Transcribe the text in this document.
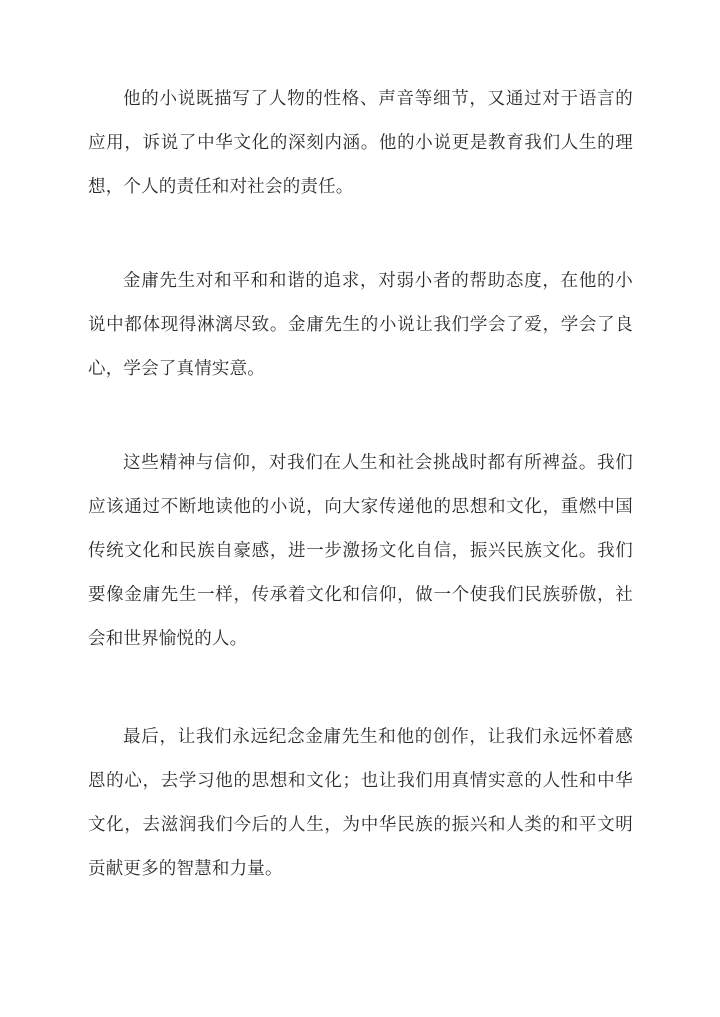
他的小说既描写了人物的性格、声音等细节，又通过对于语言的应用，诉说了中华文化的深刻内涵。他的小说更是教育我们人生的理想，个人的责任和对社会的责任。

金庸先生对和平和和谐的追求，对弱小者的帮助态度，在他的小说中都体现得淋漓尽致。金庸先生的小说让我们学会了爱，学会了良心，学会了真情实意。

这些精神与信仰，对我们在人生和社会挑战时都有所裨益。我们应该通过不断地读他的小说，向大家传递他的思想和文化，重燃中国传统文化和民族自豪感，进一步激扬文化自信，振兴民族文化。我们要像金庸先生一样，传承着文化和信仰，做一个使我们民族骄傲，社会和世界愉悦的人。

最后，让我们永远纪念金庸先生和他的创作，让我们永远怀着感恩的心，去学习他的思想和文化；也让我们用真情实意的人性和中华文化，去滋润我们今后的人生，为中华民族的振兴和人类的和平文明贡献更多的智慧和力量。
